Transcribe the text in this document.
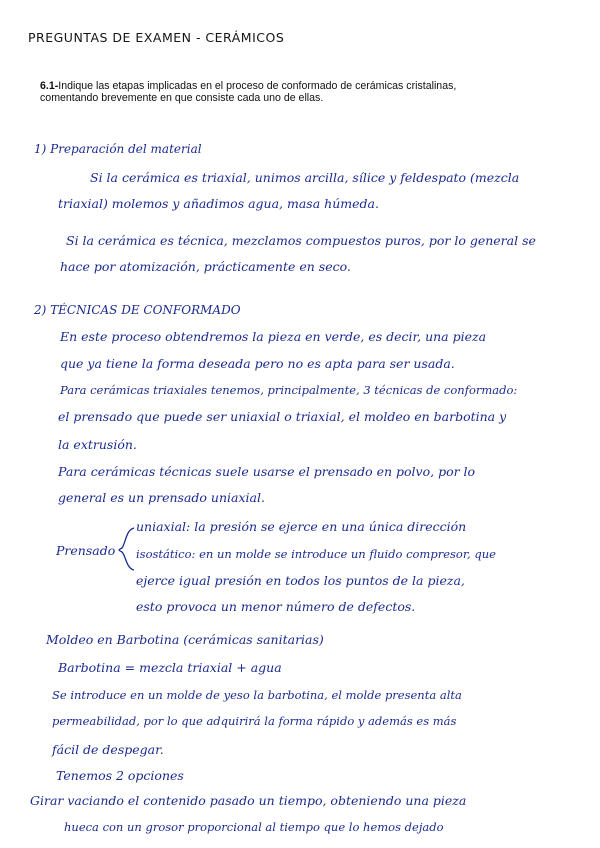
PREGUNTAS DE EXAMEN - CERÁMICOS
6.1-Indique las etapas implicadas en el proceso de conformado de cerámicas cristalinas, comentando brevemente en que consiste cada uno de ellas.
1) Preparación del material
Si la cerámica es triaxial, unimos arcilla, sílice y feldespato (mezcla
triaxial) molemos y añadimos agua, masa húmeda.
Si la cerámica es técnica, mezclamos compuestos puros, por lo general se
hace por atomización, prácticamente en seco.
2) TÉCNICAS DE CONFORMADO
En este proceso obtendremos la pieza en verde, es decir, una pieza
que ya tiene la forma deseada pero no es apta para ser usada.
Para cerámicas triaxiales tenemos, principalmente, 3 técnicas de conformado:
el prensado que puede ser uniaxial o triaxial, el moldeo en barbotina y
la extrusión.
Para cerámicas técnicas suele usarse el prensado en polvo, por lo
general es un prensado uniaxial.
Prensado
uniaxial: la presión se ejerce en una única dirección
isostático: en un molde se introduce un fluido compresor, que
ejerce igual presión en todos los puntos de la pieza,
esto provoca un menor número de defectos.
Moldeo en Barbotina (cerámicas sanitarias)
Barbotina = mezcla triaxial + agua
Se introduce en un molde de yeso la barbotina, el molde presenta alta
permeabilidad, por lo que adquirirá la forma rápido y además es más
fácil de despegar.
Tenemos 2 opciones
Girar vaciando el contenido pasado un tiempo, obteniendo una pieza
hueca con un grosor proporcional al tiempo que lo hemos dejado
